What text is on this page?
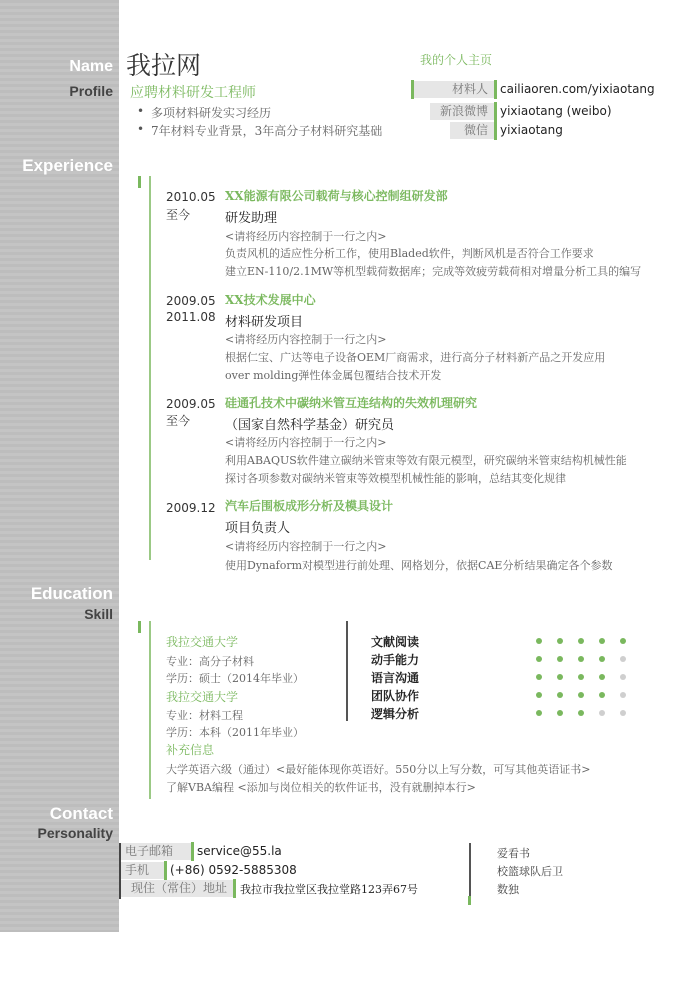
Name
Profile
Experience
Education
Skill
Contact
Personality
我拉网
应聘材料研发工程师
• 多项材料研发实习经历
• 7年材料专业背景，3年高分子材料研究基础
我的个人主页
材料人	cailiaoren.com/yixiaotang
新浪微博	yixiaotang (weibo)
微信	yixiaotang
2010.05
至今
XX能源有限公司载荷与核心控制组研发部
研发助理
<请将经历内容控制于一行之内>
负责风机的适应性分析工作，使用Bladed软件，判断风机是否符合工作要求
建立EN-110/2.1MW等机型载荷数据库；完成等效疲劳载荷相对增量分析工具的编写
2009.05
2011.08
XX技术发展中心
材料研发项目
<请将经历内容控制于一行之内>
根据仁宝、广达等电子设备OEM厂商需求，进行高分子材料新产品之开发应用
over molding弹性体金属包覆结合技术开发
2009.05
至今
硅通孔技术中碳纳米管互连结构的失效机理研究
（国家自然科学基金）研究员
<请将经历内容控制于一行之内>
利用ABAQUS软件建立碳纳米管束等效有限元模型，研究碳纳米管束结构机械性能
探讨各项参数对碳纳米管束等效模型机械性能的影响，总结其变化规律
2009.12 汽车后围板成形分析及模具设计
项目负责人
<请将经历内容控制于一行之内>
使用Dynaform对模型进行前处理、网格划分，依据CAE分析结果确定各个参数
我拉交通大学
专业：高分子材料
学历：硕士（2014年毕业）
我拉交通大学
专业：材料工程
学历：本科（2011年毕业）
补充信息
大学英语六级（通过）<最好能体现你英语好。550分以上写分数，可写其他英语证书>
了解VBA编程 <添加与岗位相关的软件证书，没有就删掉本行>
文献阅读
动手能力
语言沟通
团队协作
逻辑分析
电子邮箱	service@55.la
手机	(+86) 0592-5885308
现住（常住）地址	我拉市我拉堂区我拉堂路123弄67号
爱看书
校篮球队后卫
数独
